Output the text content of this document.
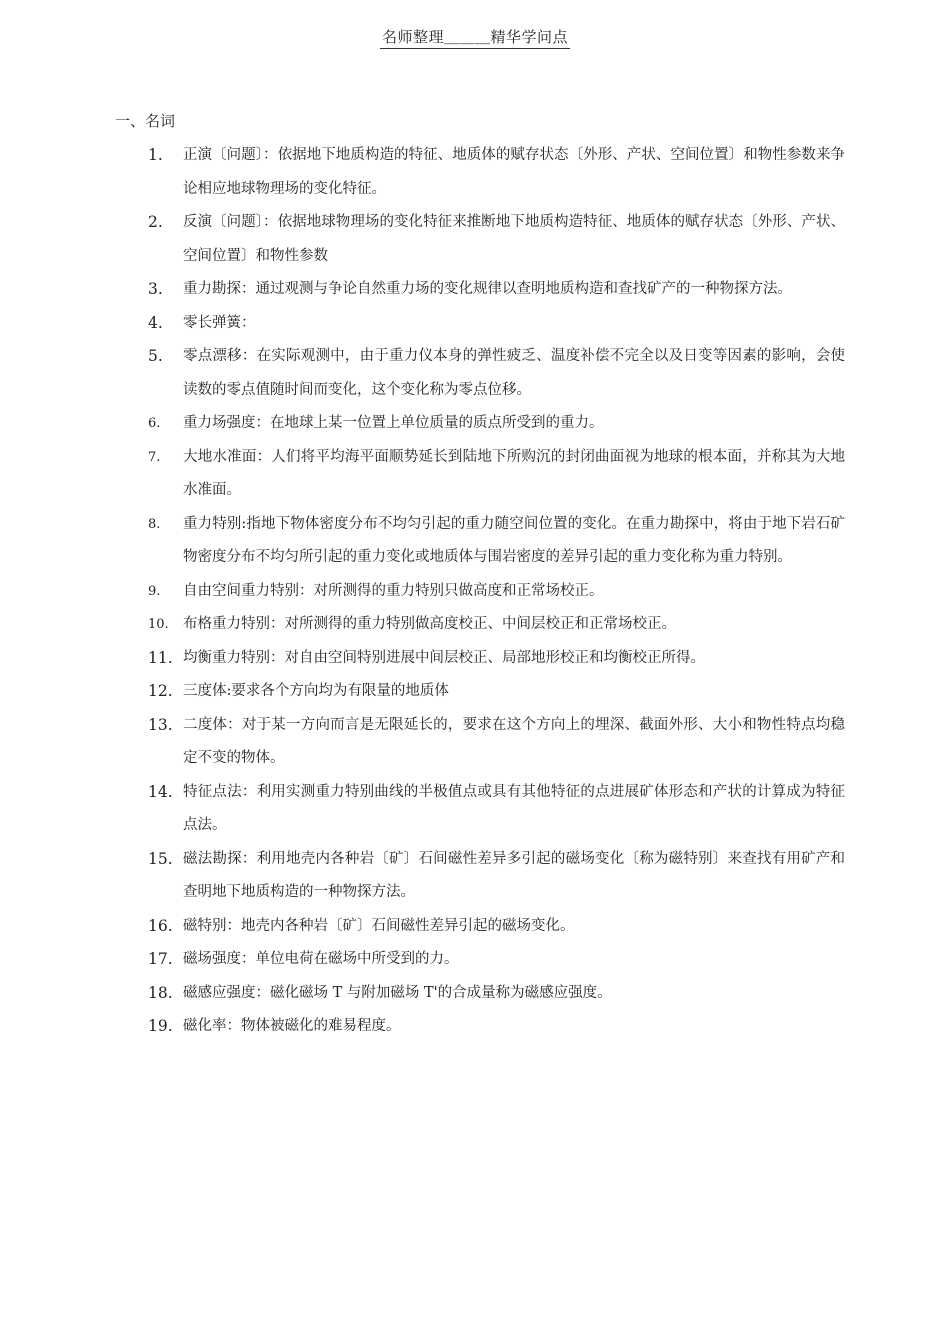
名师整理＿＿＿精华学问点
一、名词
1.	正演〔问题〕：依据地下地质构造的特征、地质体的赋存状态〔外形、产状、空间位置〕和物性参数来争论相应地球物理场的变化特征。
2.	反演〔问题〕：依据地球物理场的变化特征来推断地下地质构造特征、地质体的赋存状态〔外形、产状、空间位置〕和物性参数
3.	重力勘探：通过观测与争论自然重力场的变化规律以查明地质构造和查找矿产的一种物探方法。
4.	零长弹簧：
5.	零点漂移：在实际观测中，由于重力仪本身的弹性疲乏、温度补偿不完全以及日变等因素的影响，会使读数的零点值随时间而变化，这个变化称为零点位移。
6.	重力场强度：在地球上某一位置上单位质量的质点所受到的重力。
7.	大地水准面：人们将平均海平面顺势延长到陆地下所购沉的封闭曲面视为地球的根本面，并称其为大地水准面。
8.	重力特别:指地下物体密度分布不均匀引起的重力随空间位置的变化。在重力勘探中，将由于地下岩石矿物密度分布不均匀所引起的重力变化或地质体与围岩密度的差异引起的重力变化称为重力特别。
9.	自由空间重力特别：对所测得的重力特别只做高度和正常场校正。
10. 布格重力特别：对所测得的重力特别做高度校正、中间层校正和正常场校正。
11. 均衡重力特别：对自由空间特别进展中间层校正、局部地形校正和均衡校正所得。
12. 三度体:要求各个方向均为有限量的地质体
13. 二度体：对于某一方向而言是无限延长的，要求在这个方向上的埋深、截面外形、大小和物性特点均稳定不变的物体。
14. 特征点法：利用实测重力特别曲线的半极值点或具有其他特征的点进展矿体形态和产状的计算成为特征点法。
15. 磁法勘探：利用地壳内各种岩〔矿〕石间磁性差异多引起的磁场变化〔称为磁特别〕来查找有用矿产和查明地下地质构造的一种物探方法。
16. 磁特别：地壳内各种岩〔矿〕石间磁性差异引起的磁场变化。
17. 磁场强度：单位电荷在磁场中所受到的力。
18. 磁感应强度：磁化磁场 T 与附加磁场 T'的合成量称为磁感应强度。
19. 磁化率：物体被磁化的难易程度。
